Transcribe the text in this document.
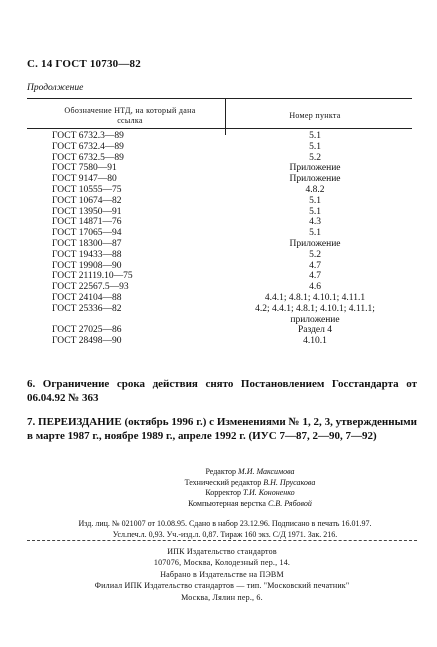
С. 14 ГОСТ 10730—82
Продолжение
Обозначение НТД, на который дана
ссылка
Номер пункта
ГОСТ 6732.3—89	5.1
ГОСТ 6732.4—89	5.1
ГОСТ 6732.5—89	5.2
ГОСТ 7580—91	Приложение
ГОСТ 9147—80	Приложение
ГОСТ 10555—75	4.8.2
ГОСТ 10674—82	5.1
ГОСТ 13950—91	5.1
ГОСТ 14871—76	4.3
ГОСТ 17065—94	5.1
ГОСТ 18300—87	Приложение
ГОСТ 19433—88	5.2
ГОСТ 19908—90	4.7
ГОСТ 21119.10—75	4.7
ГОСТ 22567.5—93	4.6
ГОСТ 24104—88	4.4.1; 4.8.1; 4.10.1; 4.11.1
ГОСТ 25336—82	4.2; 4.4.1; 4.8.1; 4.10.1; 4.11.1;
приложение
ГОСТ 27025—86	Раздел 4
ГОСТ 28498—90	4.10.1
6. Ограничение срока действия снято Постановлением Госстандарта от 06.04.92 № 363
7. ПЕРЕИЗДАНИЕ (октябрь 1996 г.) с Изменениями № 1, 2, 3, утвержденными в марте 1987 г., ноябре 1989 г., апреле 1992 г. (ИУС 7—87, 2—90, 7—92)
Редактор М.И. Максимова
Технический редактор В.Н. Прусакова
Корректор Т.И. Кононенко
Компьютерная верстка С.В. Рябовой
Изд. лиц. № 021007 от 10.08.95. Сдано в набор 23.12.96. Подписано в печать 16.01.97.
Усл.печ.л. 0,93. Уч.-изд.л. 0,87. Тираж 160 экз. С/Д 1971. Зак. 216.
ИПК Издательство стандартов
107076, Москва, Колодезный пер., 14.
Набрано в Издательстве на ПЭВМ
Филиал ИПК Издательство стандартов — тип. "Московский печатник"
Москва, Лялин пер., 6.
